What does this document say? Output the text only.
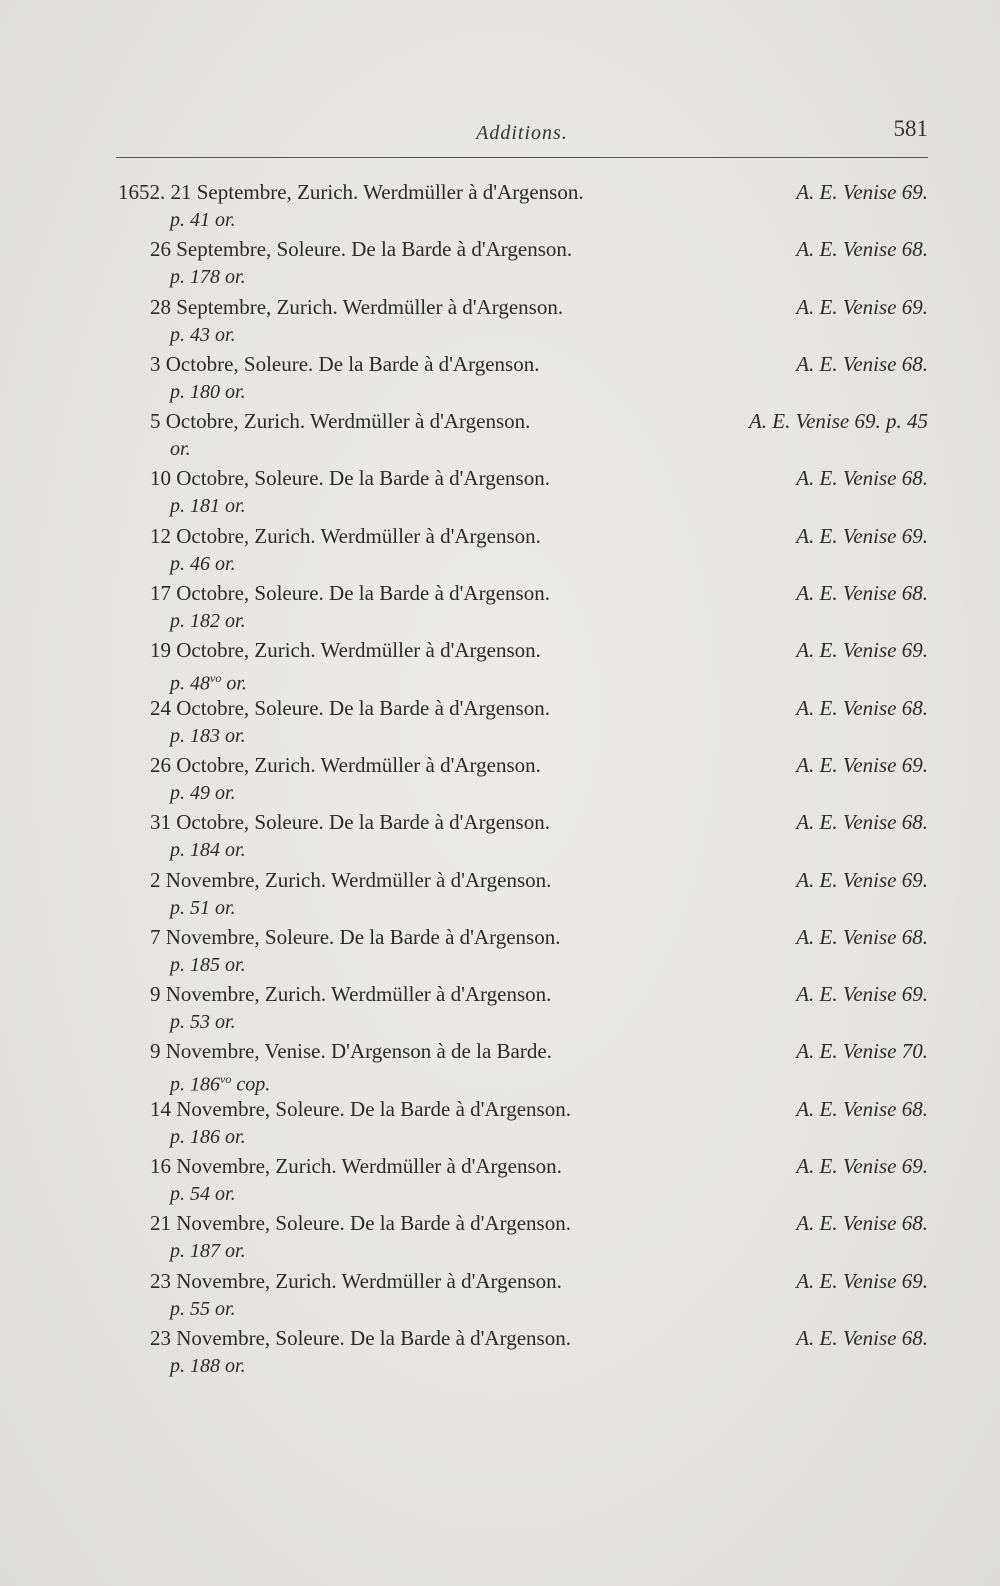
Additions.	581
1652. 21 Septembre, Zurich. Werdmüller à d'Argenson.	A. E. Venise 69.
p. 41 or.
26 Septembre, Soleure. De la Barde à d'Argenson.	A. E. Venise 68.
p. 178 or.
28 Septembre, Zurich. Werdmüller à d'Argenson.	A. E. Venise 69.
p. 43 or.
3 Octobre, Soleure. De la Barde à d'Argenson.	A. E. Venise 68.
p. 180 or.
5 Octobre, Zurich. Werdmüller à d'Argenson.	A. E. Venise 69. p. 45
or.
10 Octobre, Soleure. De la Barde à d'Argenson.	A. E. Venise 68.
p. 181 or.
12 Octobre, Zurich. Werdmüller à d'Argenson.	A. E. Venise 69.
p. 46 or.
17 Octobre, Soleure. De la Barde à d'Argenson.	A. E. Venise 68.
p. 182 or.
19 Octobre, Zurich. Werdmüller à d'Argenson.	A. E. Venise 69.
p. $48^{vo}$ or.
24 Octobre, Soleure. De la Barde à d'Argenson.	A. E. Venise 68.
p. 183 or.
26 Octobre, Zurich. Werdmüller à d'Argenson.	A. E. Venise 69.
p. 49 or.
31 Octobre, Soleure. De la Barde à d'Argenson.	A. E. Venise 68.
p. 184 or.
2 Novembre, Zurich. Werdmüller à d'Argenson.	A. E. Venise 69.
p. 51 or.
7 Novembre, Soleure. De la Barde à d'Argenson.	A. E. Venise 68.
p. 185 or.
9 Novembre, Zurich. Werdmüller à d'Argenson.	A. E. Venise 69.
p. 53 or.
9 Novembre, Venise. D'Argenson à de la Barde.	A. E. Venise 70.
p. $186^{vo}$ cop.
14 Novembre, Soleure. De la Barde à d'Argenson.	A. E. Venise 68.
p. 186 or.
16 Novembre, Zurich. Werdmüller à d'Argenson.	A. E. Venise 69.
p. 54 or.
21 Novembre, Soleure. De la Barde à d'Argenson.	A. E. Venise 68.
p. 187 or.
23 Novembre, Zurich. Werdmüller à d'Argenson.	A. E. Venise 69.
p. 55 or.
23 Novembre, Soleure. De la Barde à d'Argenson.	A. E. Venise 68.
p. 188 or.
